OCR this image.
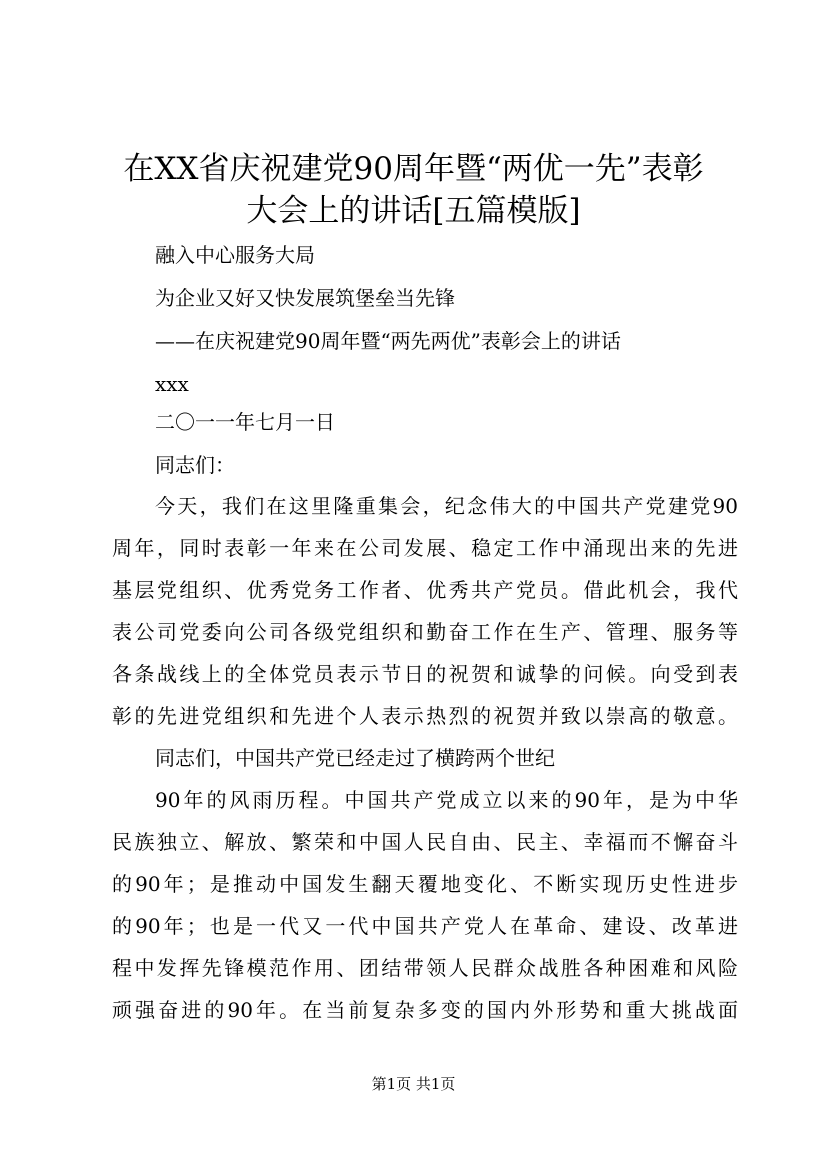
在XX省庆祝建党90周年暨“两优一先”表彰
大会上的讲话[五篇模版]

融入中心服务大局

为企业又好又快发展筑堡垒当先锋

——在庆祝建党90周年暨“两先两优”表彰会上的讲话

xxx

二〇一一年七月一日

同志们：

今天，我们在这里隆重集会，纪念伟大的中国共产党建党90

周年，同时表彰一年来在公司发展、稳定工作中涌现出来的先进

基层党组织、优秀党务工作者、优秀共产党员。借此机会，我代

表公司党委向公司各级党组织和勤奋工作在生产、管理、服务等

各条战线上的全体党员表示节日的祝贺和诚挚的问候。向受到表

彰的先进党组织和先进个人表示热烈的祝贺并致以崇高的敬意。

同志们，中国共产党已经走过了横跨两个世纪

90年的风雨历程。中国共产党成立以来的90年，是为中华

民族独立、解放、繁荣和中国人民自由、民主、幸福而不懈奋斗

的90年；是推动中国发生翻天覆地变化、不断实现历史性进步

的90年；也是一代又一代中国共产党人在革命、建设、改革进

程中发挥先锋模范作用、团结带领人民群众战胜各种困难和风险

顽强奋进的90年。在当前复杂多变的国内外形势和重大挑战面

第1页 共1页
